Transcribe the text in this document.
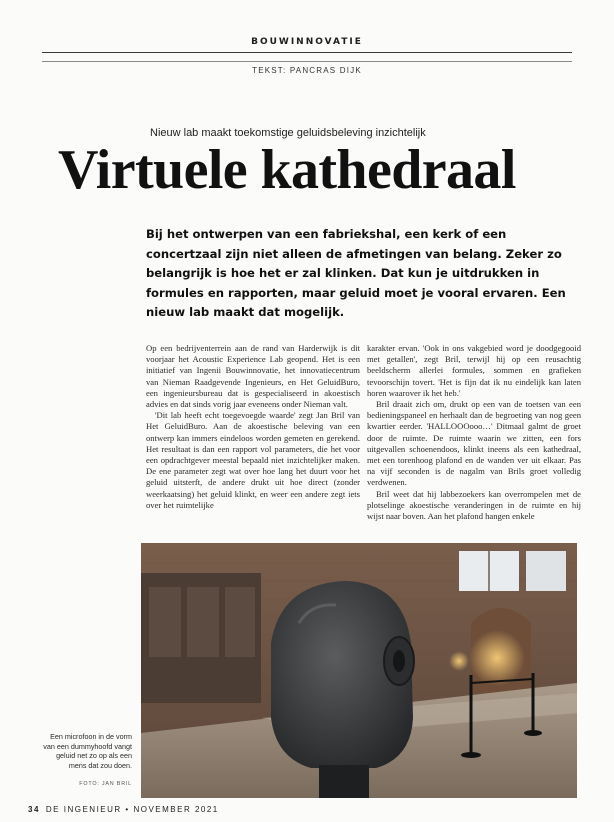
BOUWINNOVATIE
TEKST: PANCRAS DIJK
Nieuw lab maakt toekomstige geluidsbeleving inzichtelijk
Virtuele kathedraal
Bij het ontwerpen van een fabriekshal, een kerk of een concertzaal zijn niet alleen de afmetingen van belang. Zeker zo belangrijk is hoe het er zal klinken. Dat kun je uitdrukken in formules en rapporten, maar geluid moet je vooral ervaren. Een nieuw lab maakt dat mogelijk.

Op een bedrijventerrein aan de rand van Harderwijk is dit voorjaar het Acoustic Experience Lab geopend. Het is een initiatief van Ingenii Bouwinnovatie, het innovatiecentrum van Nieman Raadgevende Ingenieurs, en Het GeluidBuro, een ingenieursbureau dat is gespecialiseerd in akoestisch advies en dat sinds vorig jaar eveneens onder Nieman valt.

'Dit lab heeft echt toegevoegde waarde' zegt Jan Bril van Het GeluidBuro. Aan de akoestische beleving van een ontwerp kan immers eindeloos worden gemeten en gerekend. Het resultaat is dan een rapport vol parameters, die het voor een opdrachtgever meestal bepaald niet inzichtelijker maken. De ene parameter zegt wat over hoe lang het duurt voor het geluid uitsterft, de andere drukt uit hoe direct (zonder weerkaatsing) het geluid klinkt, en weer een andere zegt iets over het ruimtelijke

karakter ervan. 'Ook in ons vakgebied word je doodgegooid met getallen', zegt Bril, terwijl hij op een reusachtig beeldscherm allerlei formules, sommen en grafieken tevoorschijn tovert. 'Het is fijn dat ik nu eindelijk kan laten horen waarover ik het heb.'

Bril draait zich om, drukt op een van de toetsen van een bedieningspaneel en herhaalt dan de begroeting van nog geen kwartier eerder. 'HALLOOOooo…' Ditmaal galmt de groet door de ruimte. De ruimte waarin we zitten, een fors uitgevallen schoenendoos, klinkt ineens als een kathedraal, met een torenhoog plafond en de wanden ver uit elkaar. Pas na vijf seconden is de nagalm van Brils groet volledig verdwenen.

Bril weet dat hij labbezoekers kan overrompelen met de plotselinge akoestische veranderingen in de ruimte en hij wijst naar boven. Aan het plafond hangen enkele

Een microfoon in de vorm van een dummyhoofd vangt geluid net zo op als een mens dat zou doen.
FOTO: JAN BRIL
34 DE INGENIEUR • NOVEMBER 2021
